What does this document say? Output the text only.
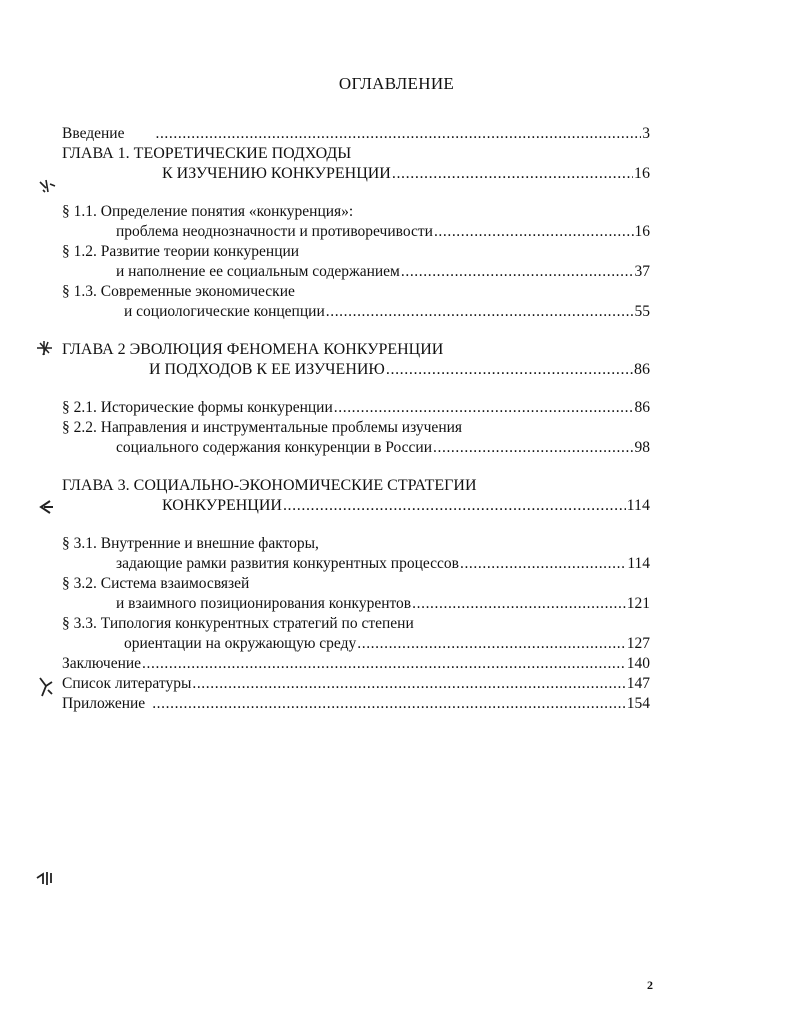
ОГЛАВЛЕНИЕ
Введение .....	3
ГЛАВА 1. ТЕОРЕТИЧЕСКИЕ ПОДХОДЫ
К ИЗУЧЕНИЮ КОНКУРЕНЦИИ .....	16
§ 1.1. Определение понятия «конкуренция»:
проблема неоднозначности и противоречивости .....	16
§ 1.2. Развитие теории конкуренции
и наполнение ее социальным содержанием .....	37
§ 1.3. Современные экономические
и социологические концепции .....	55
ГЛАВА 2 ЭВОЛЮЦИЯ ФЕНОМЕНА КОНКУРЕНЦИИ
И ПОДХОДОВ К ЕЕ ИЗУЧЕНИЮ .....	86
§ 2.1. Исторические формы конкуренции .....	86
§ 2.2. Направления и инструментальные проблемы изучения
социального содержания конкуренции в России .....	98
ГЛАВА 3. СОЦИАЛЬНО-ЭКОНОМИЧЕСКИЕ СТРАТЕГИИ
КОНКУРЕНЦИИ .....	114
§ 3.1. Внутренние и внешние факторы,
задающие рамки развития конкурентных процессов .....	114
§ 3.2. Система взаимосвязей
и взаимного позиционирования конкурентов .....	121
§ 3.3. Типология конкурентных стратегий по степени
ориентации на окружающую среду .....	127
Заключение .....	140
Список литературы .....	147
Приложение .....	154
2
